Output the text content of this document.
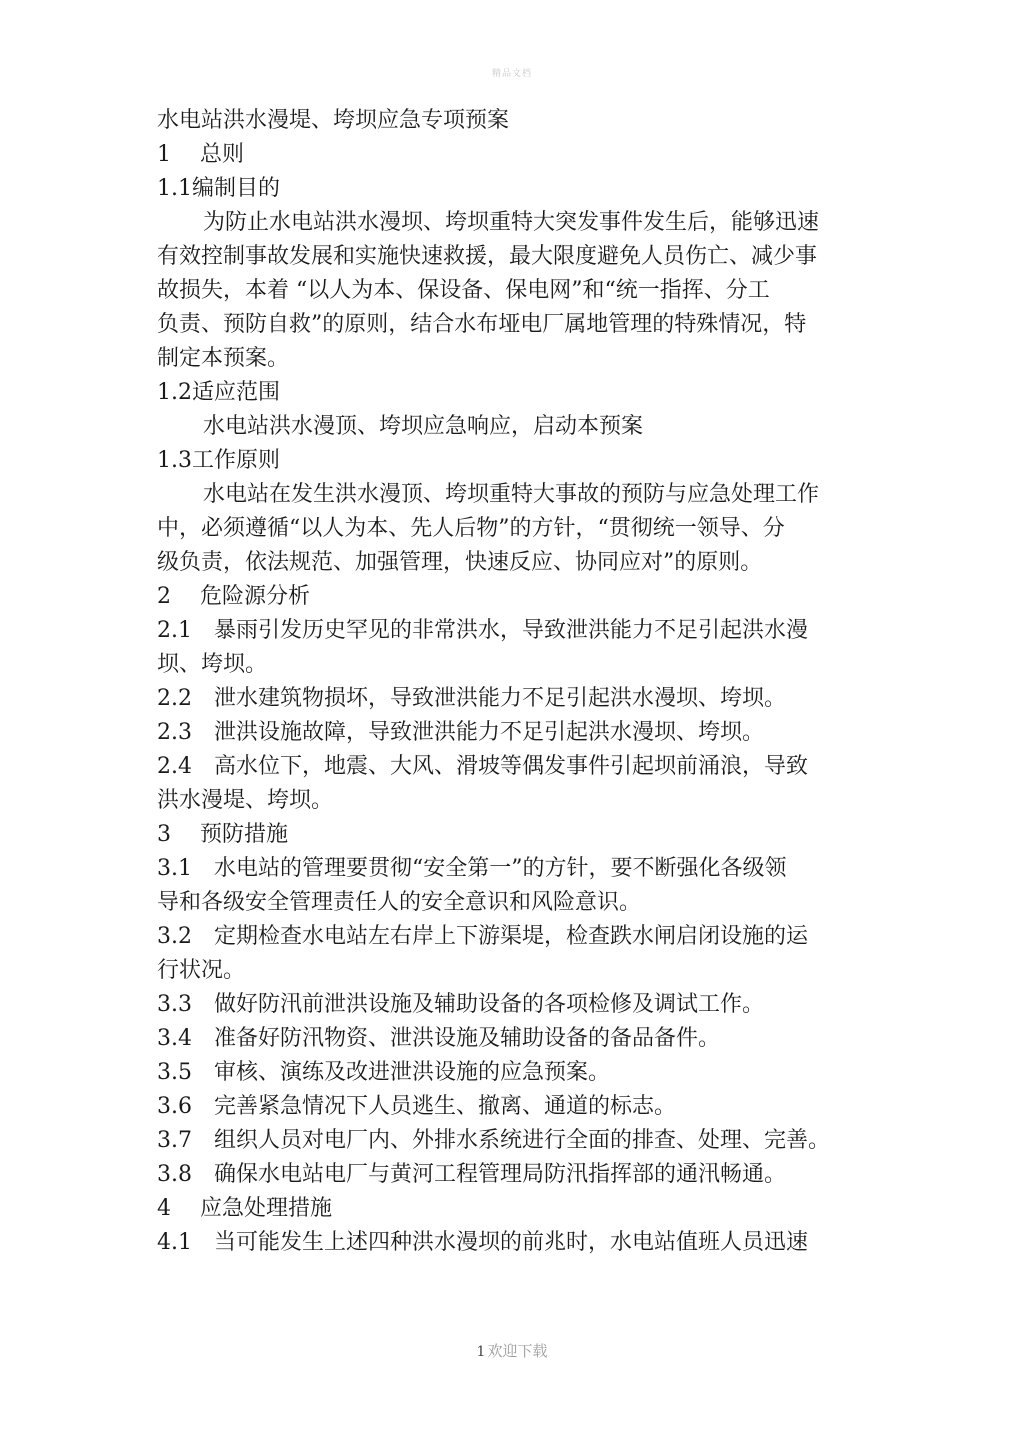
精品文档
水电站洪水漫堤、垮坝应急专项预案
1　 总则
1.1编制目的
为防止水电站洪水漫坝、垮坝重特大突发事件发生后，能够迅速
有效控制事故发展和实施快速救援，最大限度避免人员伤亡、减少事
故损失，本着 “以人为本、保设备、保电网”和“统一指挥、分工
负责、预防自救”的原则，结合水布垭电厂属地管理的特殊情况，特
制定本预案。
1.2适应范围
水电站洪水漫顶、垮坝应急响应，启动本预案
1.3工作原则
水电站在发生洪水漫顶、垮坝重特大事故的预防与应急处理工作
中，必须遵循“以人为本、先人后物”的方针，“贯彻统一领导、分
级负责，依法规范、加强管理，快速反应、协同应对”的原则。
2　 危险源分析
2.1　暴雨引发历史罕见的非常洪水，导致泄洪能力不足引起洪水漫
坝、垮坝。
2.2　泄水建筑物损坏，导致泄洪能力不足引起洪水漫坝、垮坝。
2.3　泄洪设施故障，导致泄洪能力不足引起洪水漫坝、垮坝。
2.4　高水位下，地震、大风、滑坡等偶发事件引起坝前涌浪，导致
洪水漫堤、垮坝。
3　 预防措施
3.1　水电站的管理要贯彻“安全第一”的方针，要不断强化各级领
导和各级安全管理责任人的安全意识和风险意识。
3.2　定期检查水电站左右岸上下游渠堤，检查跌水闸启闭设施的运
行状况。
3.3　做好防汛前泄洪设施及辅助设备的各项检修及调试工作。
3.4　准备好防汛物资、泄洪设施及辅助设备的备品备件。
3.5　审核、演练及改进泄洪设施的应急预案。
3.6　完善紧急情况下人员逃生、撤离、通道的标志。
3.7　组织人员对电厂内、外排水系统进行全面的排查、处理、完善。
3.8　确保水电站电厂与黄河工程管理局防汛指挥部的通汛畅通。
4　 应急处理措施
4.1　当可能发生上述四种洪水漫坝的前兆时，水电站值班人员迅速
1 欢迎下载
